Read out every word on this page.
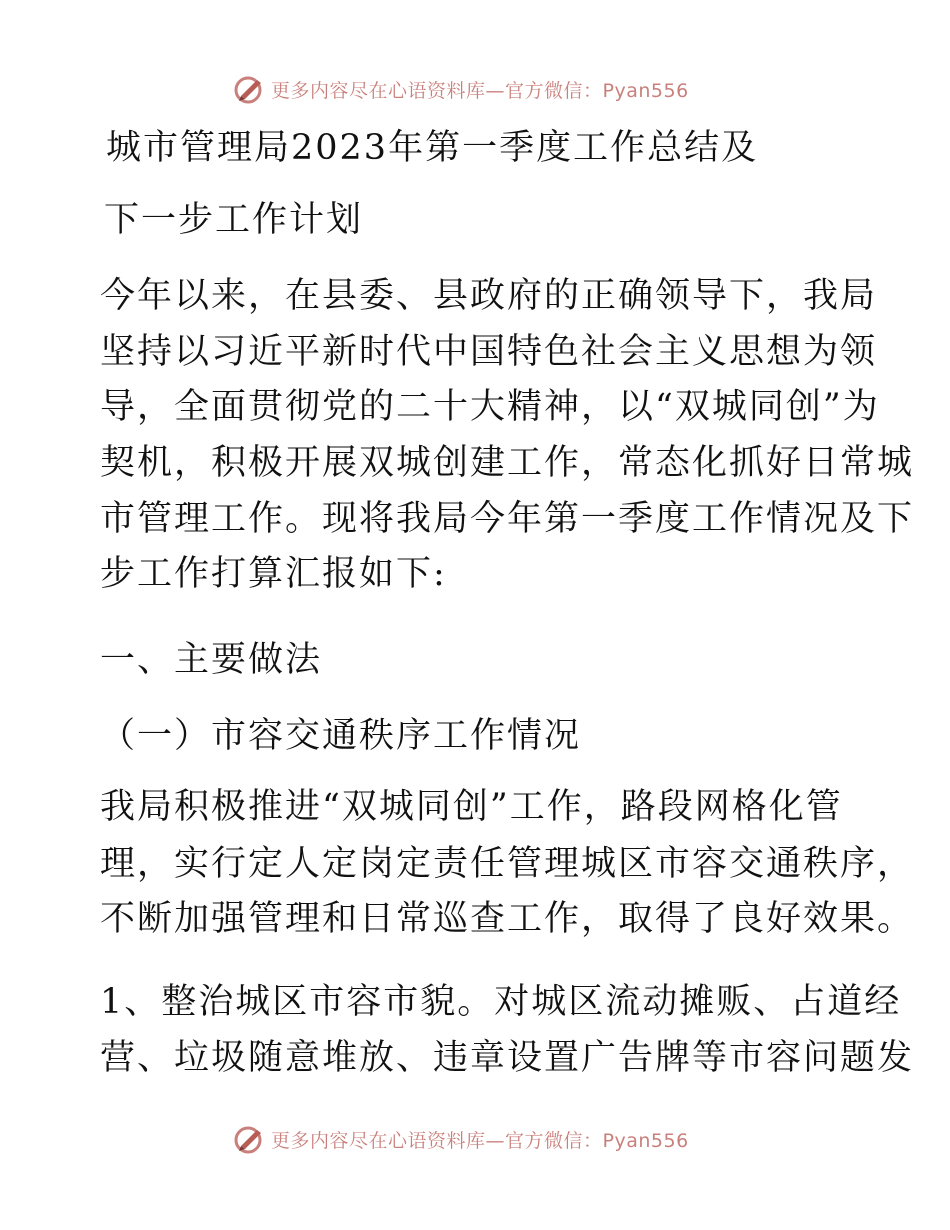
更多内容尽在心语资料库—官方微信：Pyan556
城市管理局2023年第一季度工作总结及
下一步工作计划
今年以来，在县委、县政府的正确领导下，我局
坚持以习近平新时代中国特色社会主义思想为领
导，全面贯彻党的二十大精神，以“双城同创”为
契机，积极开展双城创建工作，常态化抓好日常城
市管理工作。现将我局今年第一季度工作情况及下
步工作打算汇报如下:
一、主要做法
（一）市容交通秩序工作情况
我局积极推进“双城同创”工作，路段网格化管
理，实行定人定岗定责任管理城区市容交通秩序，
不断加强管理和日常巡查工作，取得了良好效果。
1、整治城区市容市貌。对城区流动摊贩、占道经
营、垃圾随意堆放、违章设置广告牌等市容问题发
更多内容尽在心语资料库—官方微信：Pyan556
